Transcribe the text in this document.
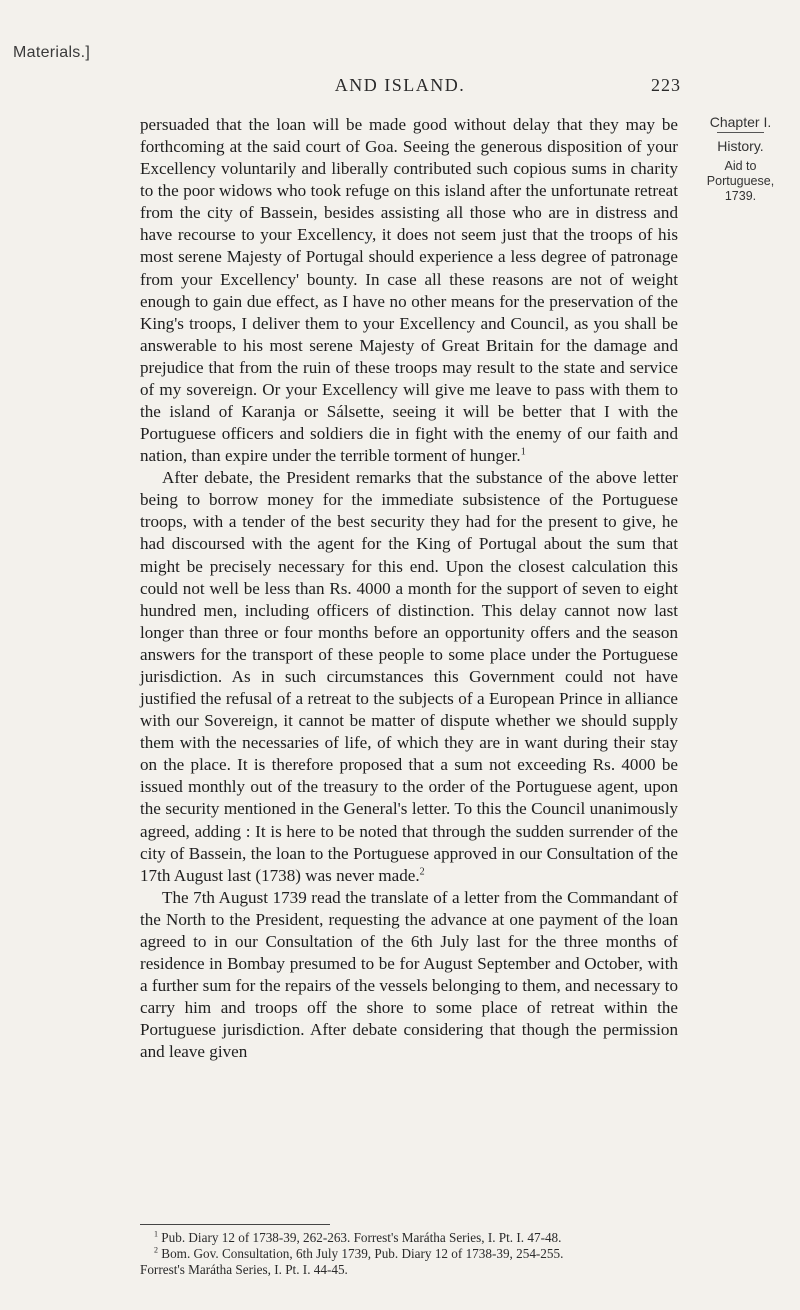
Materials.]
AND ISLAND.	223
Chapter I.
History.
Aid to
Portuguese,
1739.

persuaded that the loan will be made good without delay that they may be forthcoming at the said court of Goa. Seeing the generous disposition of your Excellency voluntarily and liberally contributed such copious sums in charity to the poor widows who took refuge on this island after the unfortunate retreat from the city of Bassein, besides assisting all those who are in distress and have recourse to your Excellency, it does not seem just that the troops of his most serene Majesty of Portugal should experience a less degree of patronage from your Excellency' bounty. In case all these reasons are not of weight enough to gain due effect, as I have no other means for the preservation of the King's troops, I deliver them to your Excellency and Council, as you shall be answerable to his most serene Majesty of Great Britain for the damage and prejudice that from the ruin of these troops may result to the state and service of my sovereign. Or your Excellency will give me leave to pass with them to the island of Karanja or Sálsette, seeing it will be better that I with the Portuguese officers and soldiers die in fight with the enemy of our faith and nation, than expire under the terrible torment of hunger.$^1$

After debate, the President remarks that the substance of the above letter being to borrow money for the immediate subsistence of the Portuguese troops, with a tender of the best security they had for the present to give, he had discoursed with the agent for the King of Portugal about the sum that might be precisely necessary for this end. Upon the closest calculation this could not well be less than Rs. 4000 a month for the support of seven to eight hundred men, including officers of distinction. This delay cannot now last longer than three or four months before an opportunity offers and the season answers for the transport of these people to some place under the Portuguese jurisdiction. As in such circumstances this Government could not have justified the refusal of a retreat to the subjects of a European Prince in alliance with our Sovereign, it cannot be matter of dispute whether we should supply them with the necessaries of life, of which they are in want during their stay on the place. It is therefore proposed that a sum not exceeding Rs. 4000 be issued monthly out of the treasury to the order of the Portuguese agent, upon the security mentioned in the General's letter. To this the Council unanimously agreed, adding : It is here to be noted that through the sudden surrender of the city of Bassein, the loan to the Portuguese approved in our Consultation of the 17th August last (1738) was never made.$^2$

The 7th August 1739 read the translate of a letter from the Commandant of the North to the President, requesting the advance at one payment of the loan agreed to in our Consultation of the 6th July last for the three months of residence in Bombay presumed to be for August September and October, with a further sum for the repairs of the vessels belonging to them, and necessary to carry him and troops off the shore to some place of retreat within the Portuguese jurisdiction. After debate considering that though the permission and leave given

$^1$ Pub. Diary 12 of 1738-39, 262-263. Forrest's Marátha Series, I. Pt. I. 47-48.

$^2$ Bom. Gov. Consultation, 6th July 1739, Pub. Diary 12 of 1738-39, 254-255.

Forrest's Marátha Series, I. Pt. I. 44-45.
